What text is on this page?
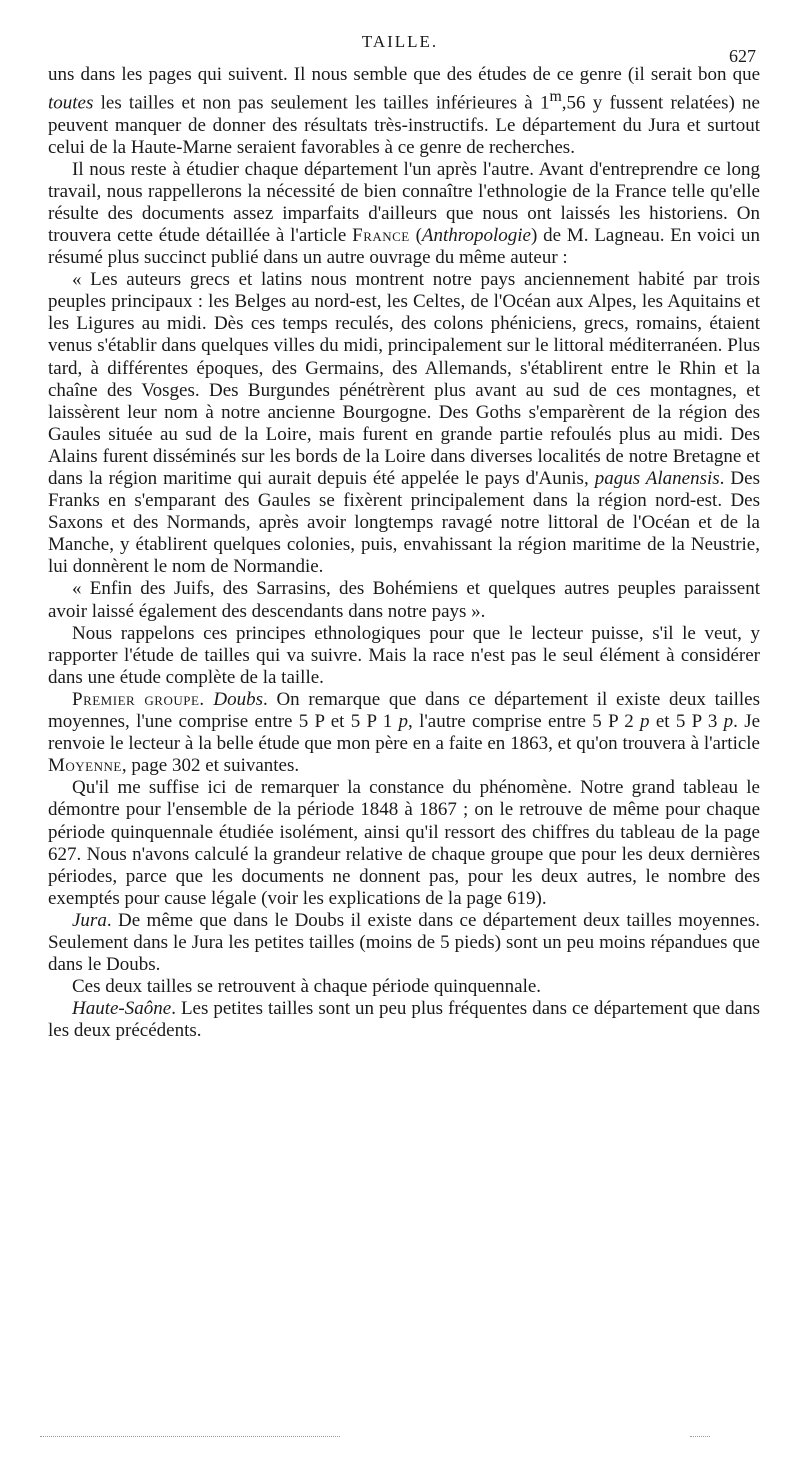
TAILLE.
627

uns dans les pages qui suivent. Il nous semble que des études de ce genre (il serait bon que toutes les tailles et non pas seulement les tailles inférieures à 1$^m$,56 y fussent relatées) ne peuvent manquer de donner des résultats très-instructifs. Le département du Jura et surtout celui de la Haute-Marne seraient favorables à ce genre de recherches.

Il nous reste à étudier chaque département l'un après l'autre. Avant d'entreprendre ce long travail, nous rappellerons la nécessité de bien connaître l'ethnologie de la France telle qu'elle résulte des documents assez imparfaits d'ailleurs que nous ont laissés les historiens. On trouvera cette étude détaillée à l'article France (Anthropologie) de M. Lagneau. En voici un résumé plus succinct publié dans un autre ouvrage du même auteur :

« Les auteurs grecs et latins nous montrent notre pays anciennement habité par trois peuples principaux : les Belges au nord-est, les Celtes, de l'Océan aux Alpes, les Aquitains et les Ligures au midi. Dès ces temps reculés, des colons phéniciens, grecs, romains, étaient venus s'établir dans quelques villes du midi, principalement sur le littoral méditerranéen. Plus tard, à différentes époques, des Germains, des Allemands, s'établirent entre le Rhin et la chaîne des Vosges. Des Burgundes pénétrèrent plus avant au sud de ces montagnes, et laissèrent leur nom à notre ancienne Bourgogne. Des Goths s'emparèrent de la région des Gaules située au sud de la Loire, mais furent en grande partie refoulés plus au midi. Des Alains furent disséminés sur les bords de la Loire dans diverses localités de notre Bretagne et dans la région maritime qui aurait depuis été appelée le pays d'Aunis, pagus Alanensis. Des Franks en s'emparant des Gaules se fixèrent principalement dans la région nord-est. Des Saxons et des Normands, après avoir longtemps ravagé notre littoral de l'Océan et de la Manche, y établirent quelques colonies, puis, envahissant la région maritime de la Neustrie, lui donnèrent le nom de Normandie.

« Enfin des Juifs, des Sarrasins, des Bohémiens et quelques autres peuples paraissent avoir laissé également des descendants dans notre pays ».

Nous rappelons ces principes ethnologiques pour que le lecteur puisse, s'il le veut, y rapporter l'étude de tailles qui va suivre. Mais la race n'est pas le seul élément à considérer dans une étude complète de la taille.

Premier groupe. Doubs. On remarque que dans ce département il existe deux tailles moyennes, l'une comprise entre 5 P et 5 P 1 p, l'autre comprise entre 5 P 2 p et 5 P 3 p. Je renvoie le lecteur à la belle étude que mon père en a faite en 1863, et qu'on trouvera à l'article Moyenne, page 302 et suivantes.

Qu'il me suffise ici de remarquer la constance du phénomène. Notre grand tableau le démontre pour l'ensemble de la période 1848 à 1867 ; on le retrouve de même pour chaque période quinquennale étudiée isolément, ainsi qu'il ressort des chiffres du tableau de la page 627. Nous n'avons calculé la grandeur relative de chaque groupe que pour les deux dernières périodes, parce que les documents ne donnent pas, pour les deux autres, le nombre des exemptés pour cause légale (voir les explications de la page 619).

Jura. De même que dans le Doubs il existe dans ce département deux tailles moyennes. Seulement dans le Jura les petites tailles (moins de 5 pieds) sont un peu moins répandues que dans le Doubs.

Ces deux tailles se retrouvent à chaque période quinquennale.

Haute-Saône. Les petites tailles sont un peu plus fréquentes dans ce département que dans les deux précédents.
